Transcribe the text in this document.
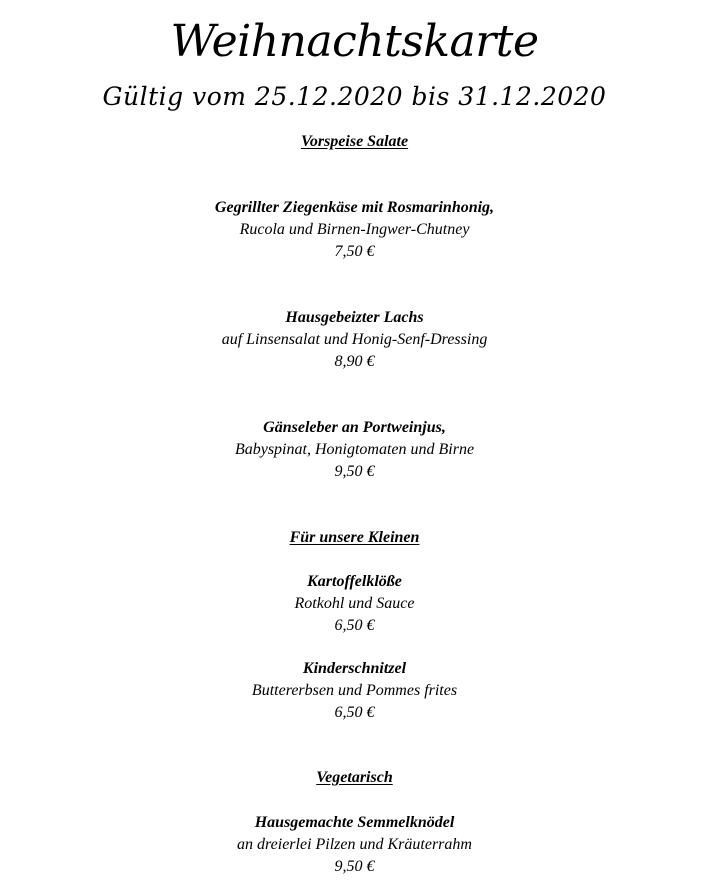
Weihnachtskarte
Gültig vom 25.12.2020 bis 31.12.2020
Vorspeise Salate
Gegrillter Ziegenkäse mit Rosmarinhonig,
Rucola und Birnen-Ingwer-Chutney
7,50 €
Hausgebeizter Lachs
auf Linsensalat und Honig-Senf-Dressing
8,90 €
Gänseleber an Portweinjus,
Babyspinat, Honigtomaten und Birne
9,50 €
Für unsere Kleinen
Kartoffelklöße
Rotkohl und Sauce
6,50 €
Kinderschnitzel
Buttererbsen und Pommes frites
6,50 €
Vegetarisch
Hausgemachte Semmelknödel
an dreierlei Pilzen und Kräuterrahm
9,50 €
